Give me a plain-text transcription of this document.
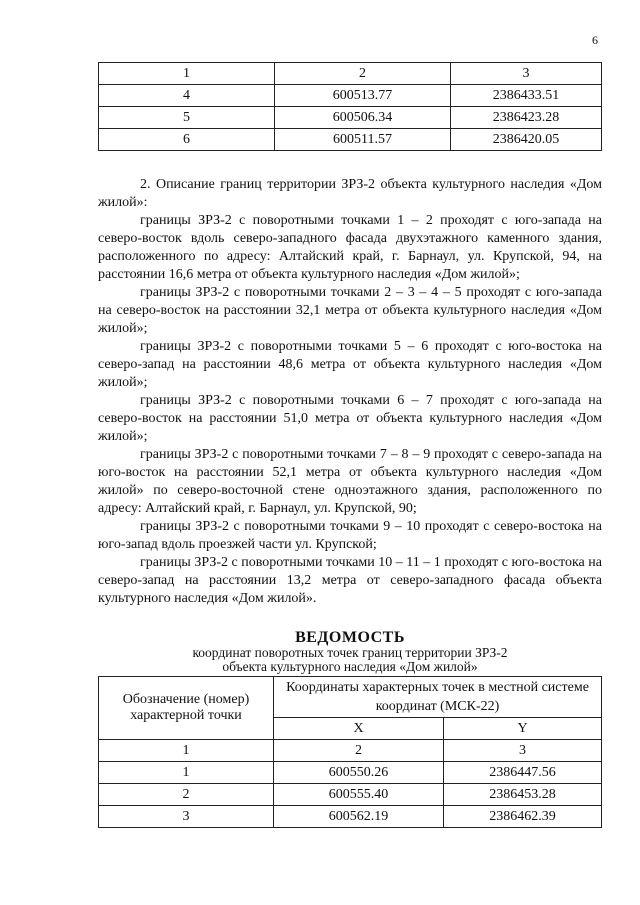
6
1	2	3
4	600513.77	2386433.51
5	600506.34	2386423.28
6	600511.57	2386420.05

2. Описание границ территории ЗРЗ-2 объекта культурного наследия «Дом жилой»:

границы ЗРЗ-2 с поворотными точками 1 – 2 проходят с юго-запада на северо-восток вдоль северо-западного фасада двухэтажного каменного здания, расположенного по адресу: Алтайский край, г. Барнаул, ул. Крупской, 94, на расстоянии 16,6 метра от объекта культурного наследия «Дом жилой»;

границы ЗРЗ-2 с поворотными точками 2 – 3 – 4 – 5 проходят с юго-запада на северо-восток на расстоянии 32,1 метра от объекта культурного наследия «Дом жилой»;

границы ЗРЗ-2 с поворотными точками 5 – 6 проходят с юго-востока на северо-запад на расстоянии 48,6 метра от объекта культурного наследия «Дом жилой»;

границы ЗРЗ-2 с поворотными точками 6 – 7 проходят с юго-запада на северо-восток на расстоянии 51,0 метра от объекта культурного наследия «Дом жилой»;

границы ЗРЗ-2 с поворотными точками 7 – 8 – 9 проходят с северо-запада на юго-восток на расстоянии 52,1 метра от объекта культурного наследия «Дом жилой» по северо-восточной стене одноэтажного здания, расположенного по адресу: Алтайский край, г. Барнаул, ул. Крупской, 90;

границы ЗРЗ-2 с поворотными точками 9 – 10 проходят с северо-востока на юго-запад вдоль проезжей части ул. Крупской;

границы ЗРЗ-2 с поворотными точками 10 – 11 – 1 проходят с юго-востока на северо-запад на расстоянии 13,2 метра от северо-западного фасада объекта культурного наследия «Дом жилой».

ВЕДОМОСТЬ
координат поворотных точек границ территории ЗРЗ-2
объекта культурного наследия «Дом жилой»
Обозначение (номер) характерной точки	Координаты характерных точек в местной системе координат (МСК-22)	
	X	Y
1	2	3
1	600550.26	2386447.56
2	600555.40	2386453.28
3	600562.19	2386462.39
